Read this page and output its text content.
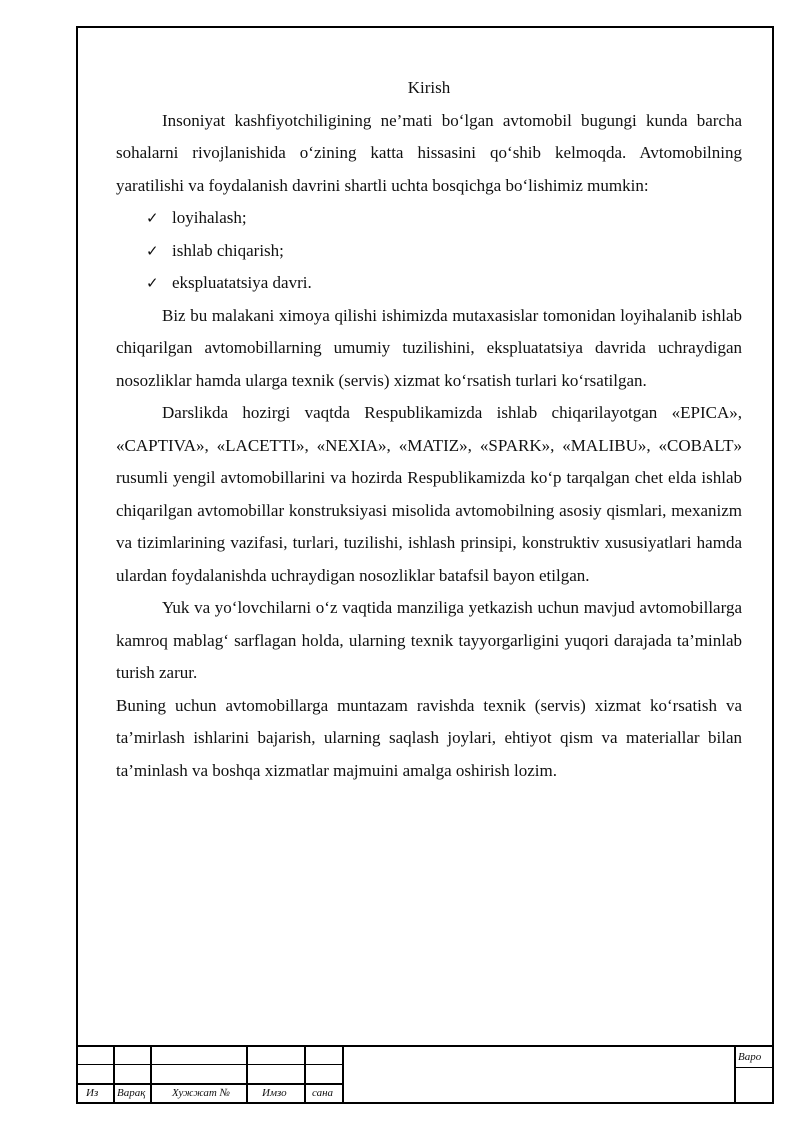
Kirish

Insoniyat kashfiyotchiligining ne’mati bo‘lgan avtomobil bugungi kunda barcha sohalarni rivojlanishida o‘zining katta hissasini qo‘shib kelmoqda. Avtomobilning yaratilishi va foydalanish davrini shartli uchta bosqichga bo‘lishimiz mumkin:

✓ loyihalash;
✓ ishlab chiqarish;
✓ ekspluatatsiya davri.

Biz bu malakani ximoya qilishi ishimizda mutaxasislar tomonidan loyihalanib ishlab chiqarilgan avtomobillarning umumiy tuzilishini, ekspluatatsiya davrida uchraydigan nosozliklar hamda ularga texnik (servis) xizmat ko‘rsatish turlari ko‘rsatilgan.

Darslikda hozirgi vaqtda Respublikamizda ishlab chiqarilayotgan «EPICA», «CAPTIVA», «LACETTI», «NEXIA», «MATIZ», «SPARK», «MALIBU», «COBALT» rusumli yengil avtomobillarini va hozirda Respublikamizda ko‘p tarqalgan chet elda ishlab chiqarilgan avtomobillar konstruksiyasi misolida avtomobilning asosiy qismlari, mexanizm va tizimlarining vazifasi, turlari, tuzilishi, ishlash prinsipi, konstruktiv xususiyatlari hamda ulardan foydalanishda uchraydigan nosozliklar batafsil bayon etilgan.

Yuk va yo‘lovchilarni o‘z vaqtida manziliga yetkazish uchun mavjud avtomobillarga kamroq mablag‘ sarflagan holda, ularning texnik tayyorgarligini yuqori darajada ta’minlab turish zarur.

Buning uchun avtomobillarga muntazam ravishda texnik (servis) xizmat ko‘rsatish va ta’mirlash ishlarini bajarish, ularning saqlash joylari, ehtiyot qism va materiallar bilan ta’minlash va boshqa xizmatlar majmuini amalga oshirish lozim.

Из Варақ Хужжат №	Имзо сана
Варо
